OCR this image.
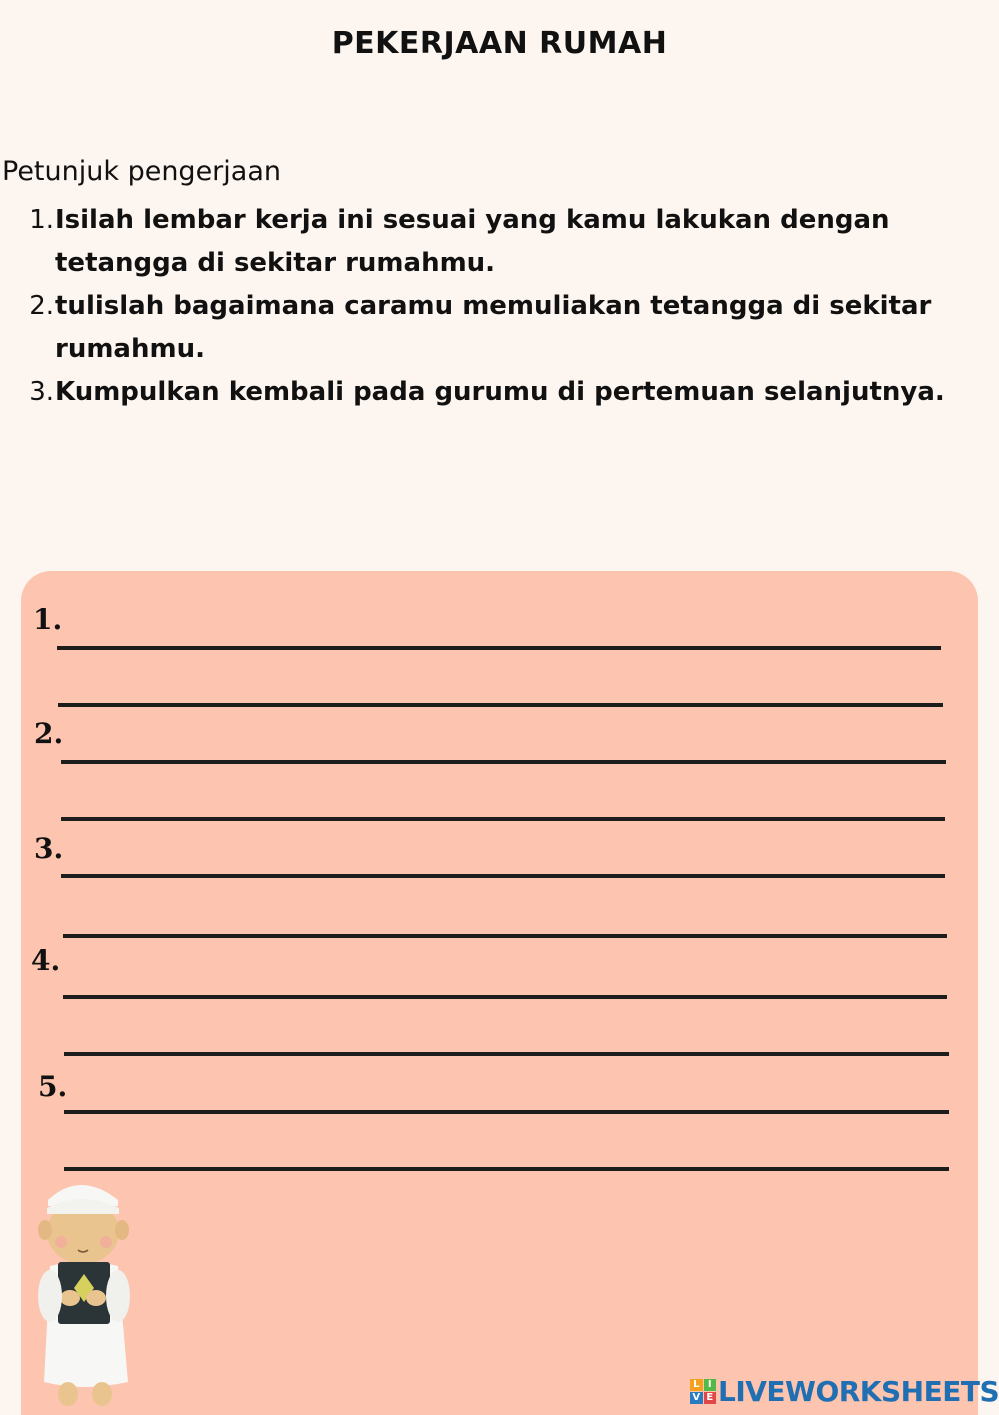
PEKERJAAN RUMAH
Petunjuk pengerjaan
1. Isilah lembar kerja ini sesuai yang kamu lakukan dengan tetangga di sekitar rumahmu.
2. tulislah bagaimana caramu memuliakan tetangga di sekitar rumahmu.
3. Kumpulkan kembali pada gurumu di pertemuan selanjutnya.
1.
2.
3.
4.
5.
L I
V E LIVEWORKSHEETS
